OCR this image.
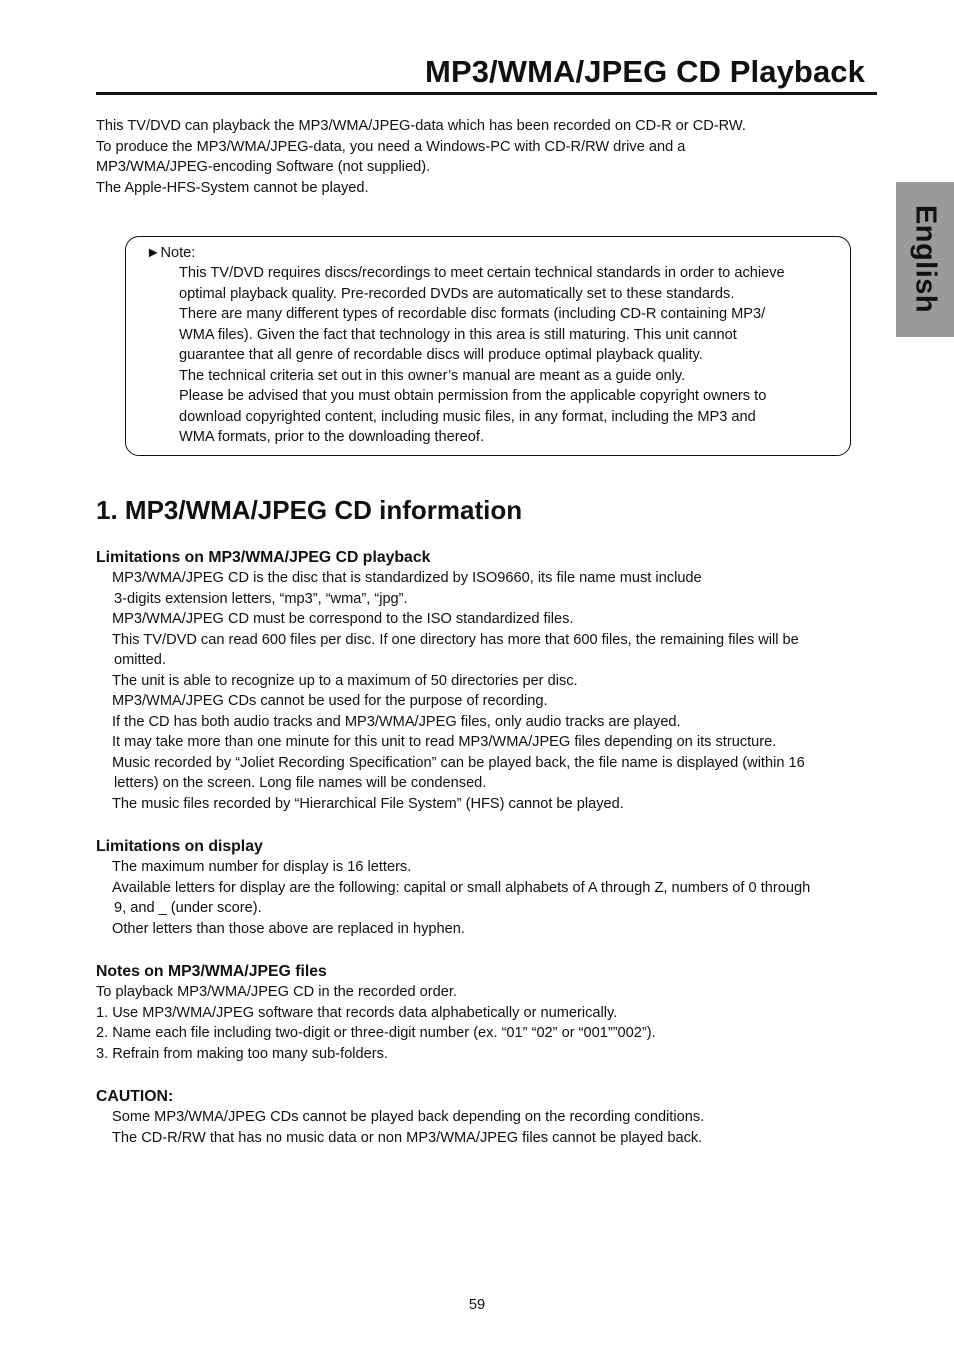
MP3/WMA/JPEG CD Playback
English

This TV/DVD can playback the MP3/WMA/JPEG-data which has been recorded on CD-R or CD-RW.

To produce the MP3/WMA/JPEG-data, you need a Windows-PC with CD-R/RW drive and a

MP3/WMA/JPEG-encoding Software (not supplied).

The Apple-HFS-System cannot be played.

►Note:

This TV/DVD requires discs/recordings to meet certain technical standards in order to achieve

optimal playback quality. Pre-recorded DVDs are automatically set to these standards.

There are many different types of recordable disc formats (including CD-R containing MP3/

WMA files). Given the fact that technology in this area is still maturing. This unit cannot

guarantee that all genre of recordable discs will produce optimal playback quality.

The technical criteria set out in this owner’s manual are meant as a guide only.

Please be advised that you must obtain permission from the applicable copyright owners to

download copyrighted content, including music files, in any format, including the MP3 and

WMA formats, prior to the downloading thereof.

1. MP3/WMA/JPEG CD information
Limitations on MP3/WMA/JPEG CD playback

MP3/WMA/JPEG CD is the disc that is standardized by ISO9660, its file name must include

3-digits extension letters, “mp3”, “wma”, “jpg”.

MP3/WMA/JPEG CD must be correspond to the ISO standardized files.

This TV/DVD can read 600 files per disc. If one directory has more that 600 files, the remaining files will be

omitted.

The unit is able to recognize up to a maximum of 50 directories per disc.

MP3/WMA/JPEG CDs cannot be used for the purpose of recording.

If the CD has both audio tracks and MP3/WMA/JPEG files, only audio tracks are played.

It may take more than one minute for this unit to read MP3/WMA/JPEG files depending on its structure.

Music recorded by “Joliet Recording Specification” can be played back, the file name is displayed (within 16

letters) on the screen. Long file names will be condensed.

The music files recorded by “Hierarchical File System” (HFS) cannot be played.

Limitations on display

The maximum number for display is 16 letters.

Available letters for display are the following: capital or small alphabets of A through Z, numbers of 0 through

9, and _ (under score).

Other letters than those above are replaced in hyphen.

Notes on MP3/WMA/JPEG files

To playback MP3/WMA/JPEG CD in the recorded order.

1. Use MP3/WMA/JPEG software that records data alphabetically or numerically.

2. Name each file including two-digit or three-digit number (ex. “01” “02” or “001””002”).

3. Refrain from making too many sub-folders.

CAUTION:

Some MP3/WMA/JPEG CDs cannot be played back depending on the recording conditions.

The CD-R/RW that has no music data or non MP3/WMA/JPEG files cannot be played back.

59
